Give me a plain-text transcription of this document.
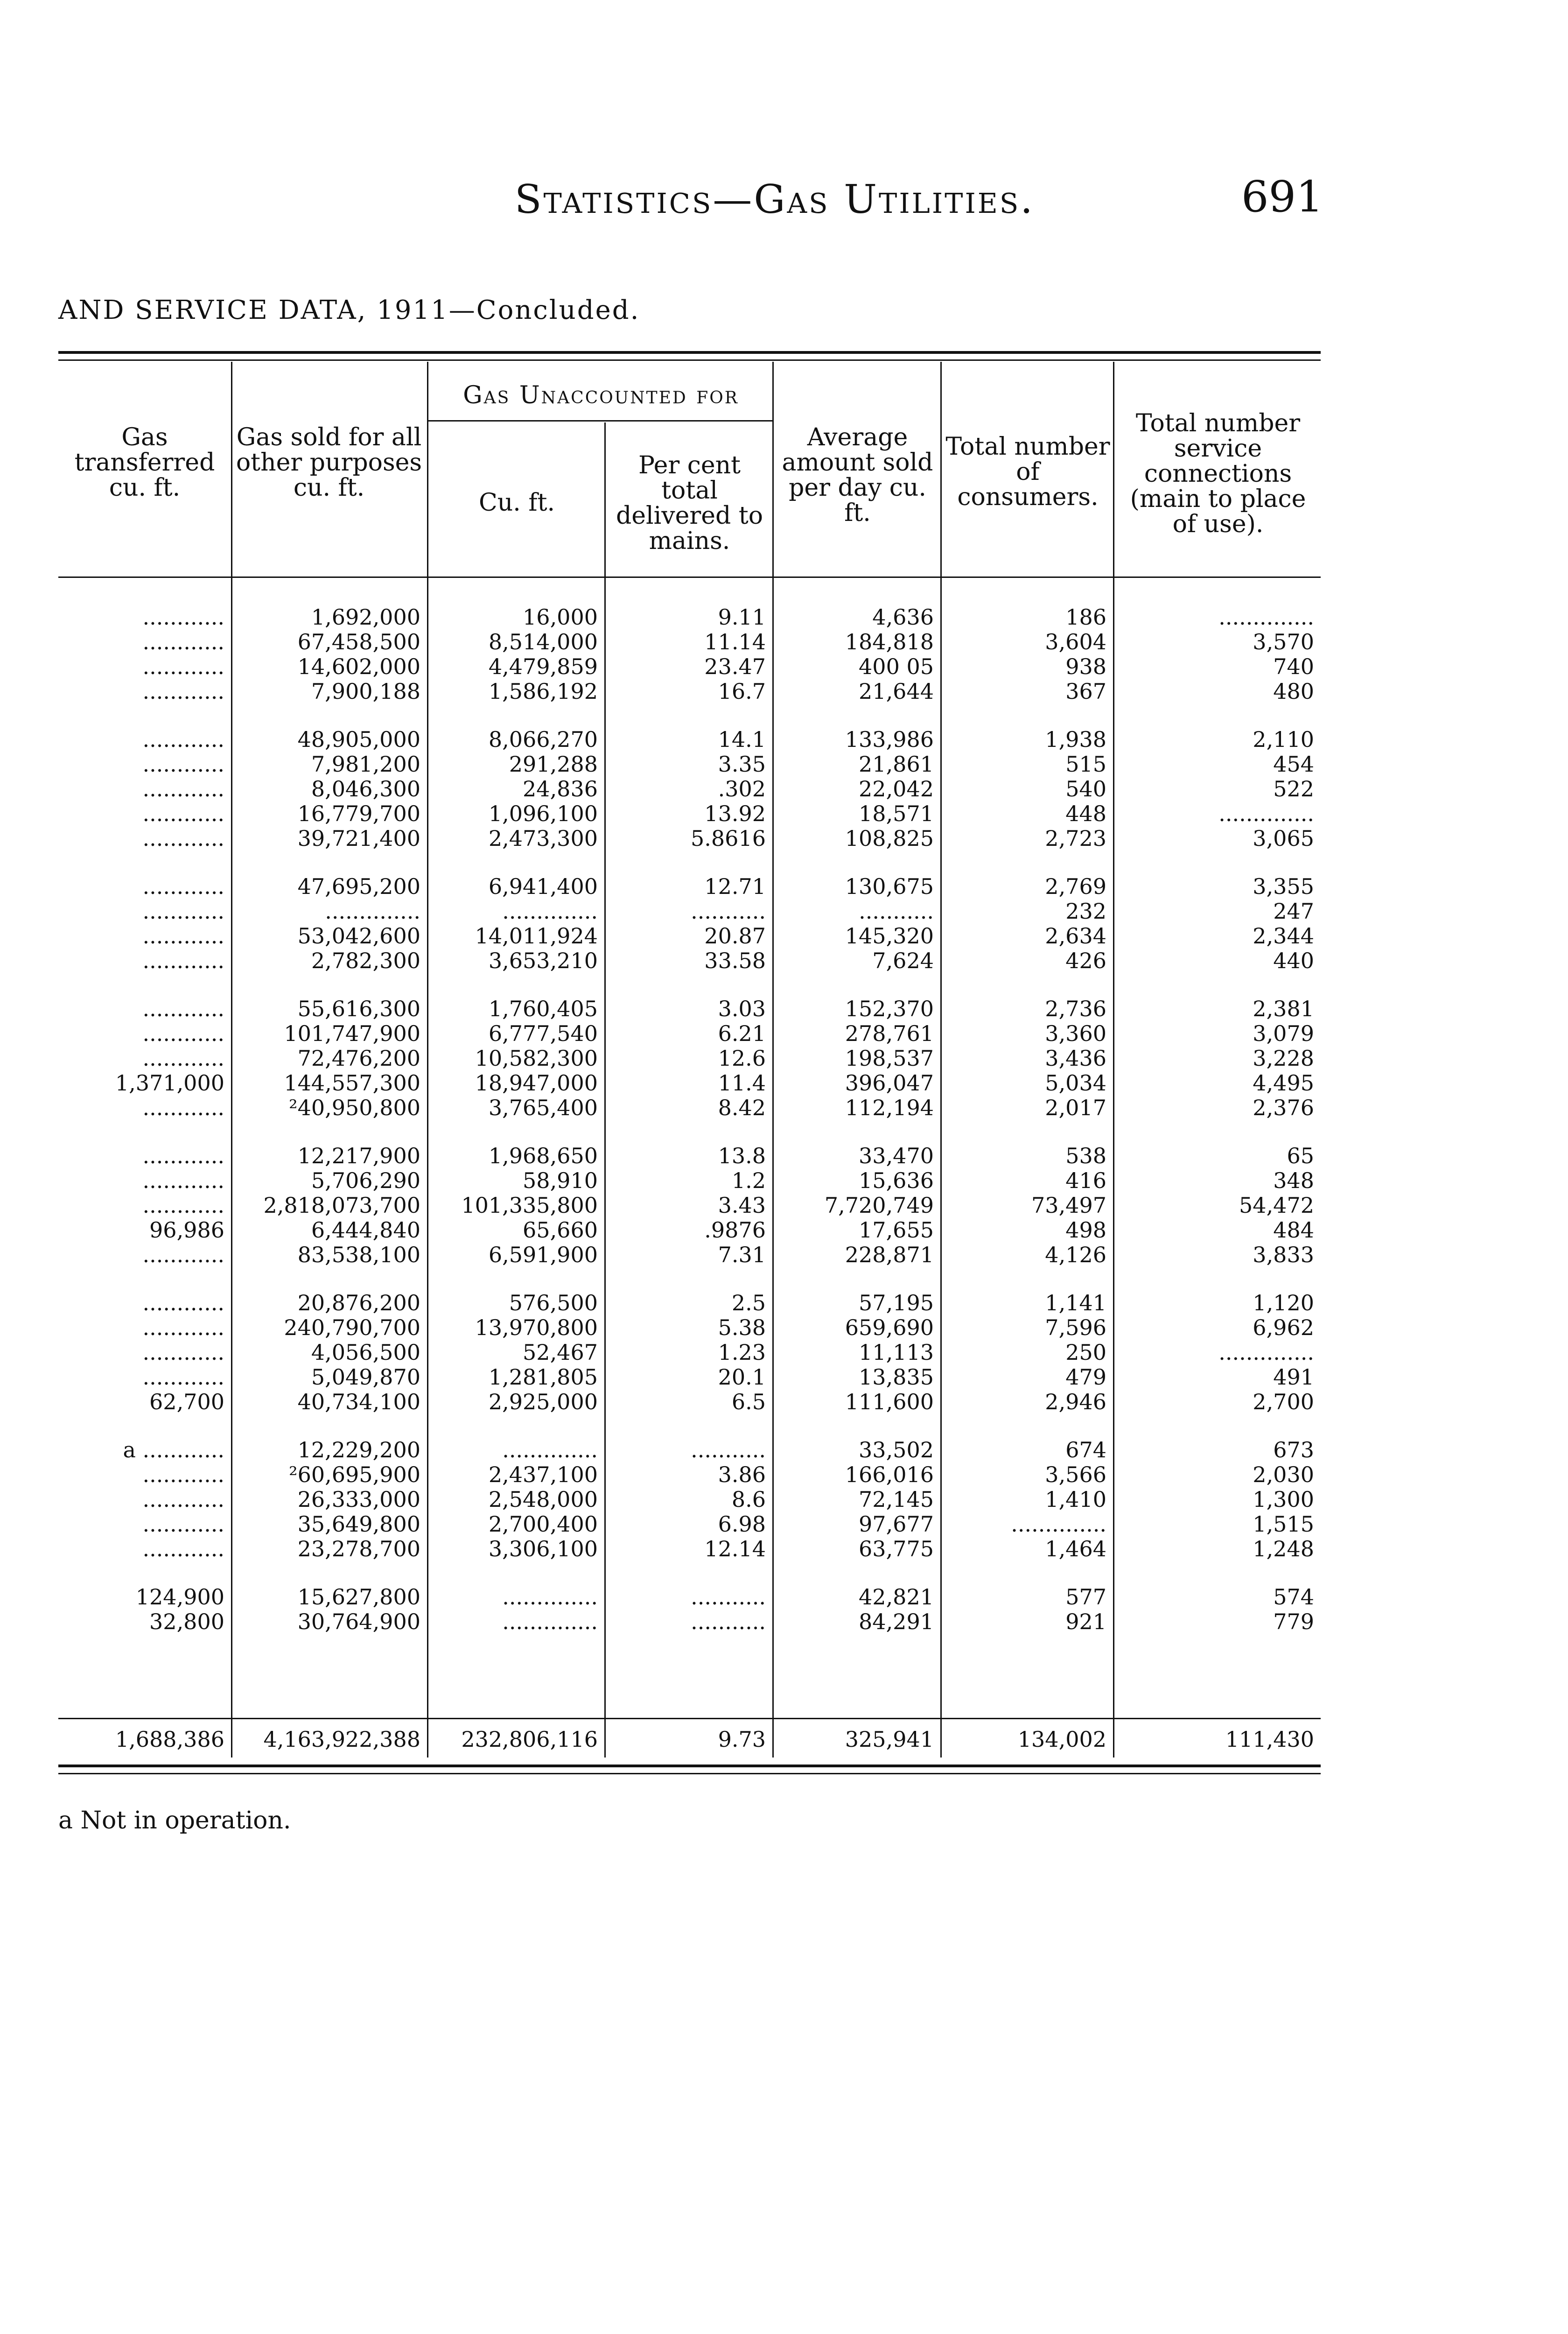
Statistics—Gas Utilities.	691
AND SERVICE DATA, 1911—Concluded.
Gas transferred cu. ft.
Gas sold for all other purposes cu. ft.
Gas Unaccounted for
Cu. ft.
Per cent total delivered to mains.
Average amount sold per day cu. ft.
Total number of consumers.
Total number service connections (main to place of use).
............	1,692,000	16,000	9.11	4,636	186	..............
............	67,458,500	8,514,000	11.14	184,818	3,604	3,570
............	14,602,000	4,479,859	23.47	400 05	938	740
............	7,900,188	1,586,192	16.7	21,644	367	480
............	48,905,000	8,066,270	14.1	133,986	1,938	2,110
............	7,981,200	291,288	3.35	21,861	515	454
............	8,046,300	24,836	.302	22,042	540	522
............	16,779,700	1,096,100	13.92	18,571	448	..............
............	39,721,400	2,473,300	5.8616	108,825	2,723	3,065
............	47,695,200	6,941,400	12.71	130,675	2,769	3,355
............	..............	..............	...........	...........	232	247
............	53,042,600	14,011,924	20.87	145,320	2,634	2,344
............	2,782,300	3,653,210	33.58	7,624	426	440
............	55,616,300	1,760,405	3.03	152,370	2,736	2,381
............	101,747,900	6,777,540	6.21	278,761	3,360	3,079
............	72,476,200	10,582,300	12.6	198,537	3,436	3,228
1,371,000	144,557,300	18,947,000	11.4	396,047	5,034	4,495
............	²40,950,800	3,765,400	8.42	112,194	2,017	2,376
............	12,217,900	1,968,650	13.8	33,470	538	65
............	5,706,290	58,910	1.2	15,636	416	348
............	2,818,073,700	101,335,800	3.43	7,720,749	73,497	54,472
96,986	6,444,840	65,660	.9876	17,655	498	484
............	83,538,100	6,591,900	7.31	228,871	4,126	3,833
............	20,876,200	576,500	2.5	57,195	1,141	1,120
............	240,790,700	13,970,800	5.38	659,690	7,596	6,962
............	4,056,500	52,467	1.23	11,113	250	..............
............	5,049,870	1,281,805	20.1	13,835	479	491
62,700	40,734,100	2,925,000	6.5	111,600	2,946	2,700
a ............	12,229,200	..............	...........	33,502	674	673
............	²60,695,900	2,437,100	3.86	166,016	3,566	2,030
............	26,333,000	2,548,000	8.6	72,145	1,410	1,300
............	35,649,800	2,700,400	6.98	97,677	..............	1,515
............	23,278,700	3,306,100	12.14	63,775	1,464	1,248
124,900	15,627,800	..............	...........	42,821	577	574
32,800	30,764,900	..............	...........	84,291	921	779
1,688,386	4,163,922,388	232,806,116	9.73	325,941	134,002	111,430
a Not in operation.
